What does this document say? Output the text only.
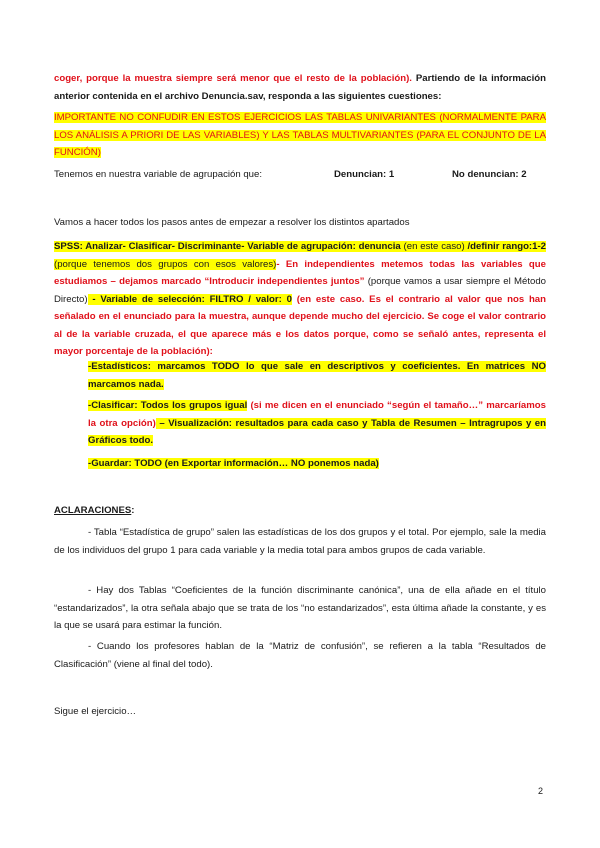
coger, porque la muestra siempre será menor que el resto de la población). Partiendo de la información anterior contenida en el archivo Denuncia.sav, responda a las siguientes cuestiones:
IMPORTANTE NO CONFUDIR EN ESTOS EJERCICIOS LAS TABLAS UNIVARIANTES (NORMALMENTE PARA LOS ANÁLISIS A PRIORI DE LAS VARIABLES) Y LAS TABLAS MULTIVARIANTES (PARA EL CONJUNTO DE LA FUNCIÓN)
Tenemos en nuestra variable de agrupación que:	Denuncian: 1	No denuncian: 2
Vamos a hacer todos los pasos antes de empezar a resolver los distintos apartados
SPSS: Analizar- Clasificar- Discriminante- Variable de agrupación: denuncia (en este caso) /definir rango:1-2 (porque tenemos dos grupos con esos valores)- En independientes metemos todas las variables que estudiamos – dejamos marcado “Introducir independientes juntos” (porque vamos a usar siempre el Método Directo) - Variable de selección: FILTRO / valor: 0 (en este caso. Es el contrario al valor que nos han señalado en el enunciado para la muestra, aunque depende mucho del ejercicio. Se coge el valor contrario al de la variable cruzada, el que aparece más e los datos porque, como se señaló antes, representa el mayor porcentaje de la población):
-Estadísticos: marcamos TODO lo que sale en descriptivos y coeficientes. En matrices NO marcamos nada.
-Clasificar: Todos los grupos igual (si me dicen en el enunciado “según el tamaño…” marcaríamos la otra opción) – Visualización: resultados para cada caso y Tabla de Resumen – Intragrupos y en Gráficos todo.
-Guardar: TODO (en Exportar información… NO ponemos nada)
ACLARACIONES:
- Tabla “Estadística de grupo” salen las estadísticas de los dos grupos y el total. Por ejemplo, sale la media de los individuos del grupo 1 para cada variable y la media total para ambos grupos de cada variable.
- Hay dos Tablas “Coeficientes de la función discriminante canónica”, una de ella añade en el título “estandarizados”, la otra señala abajo que se trata de los “no estandarizados”, esta última añade la constante, y es la que se usará para estimar la función.
- Cuando los profesores hablan de la “Matriz de confusión”, se refieren a la tabla “Resultados de Clasificación” (viene al final del todo).
Sigue el ejercicio…
2
